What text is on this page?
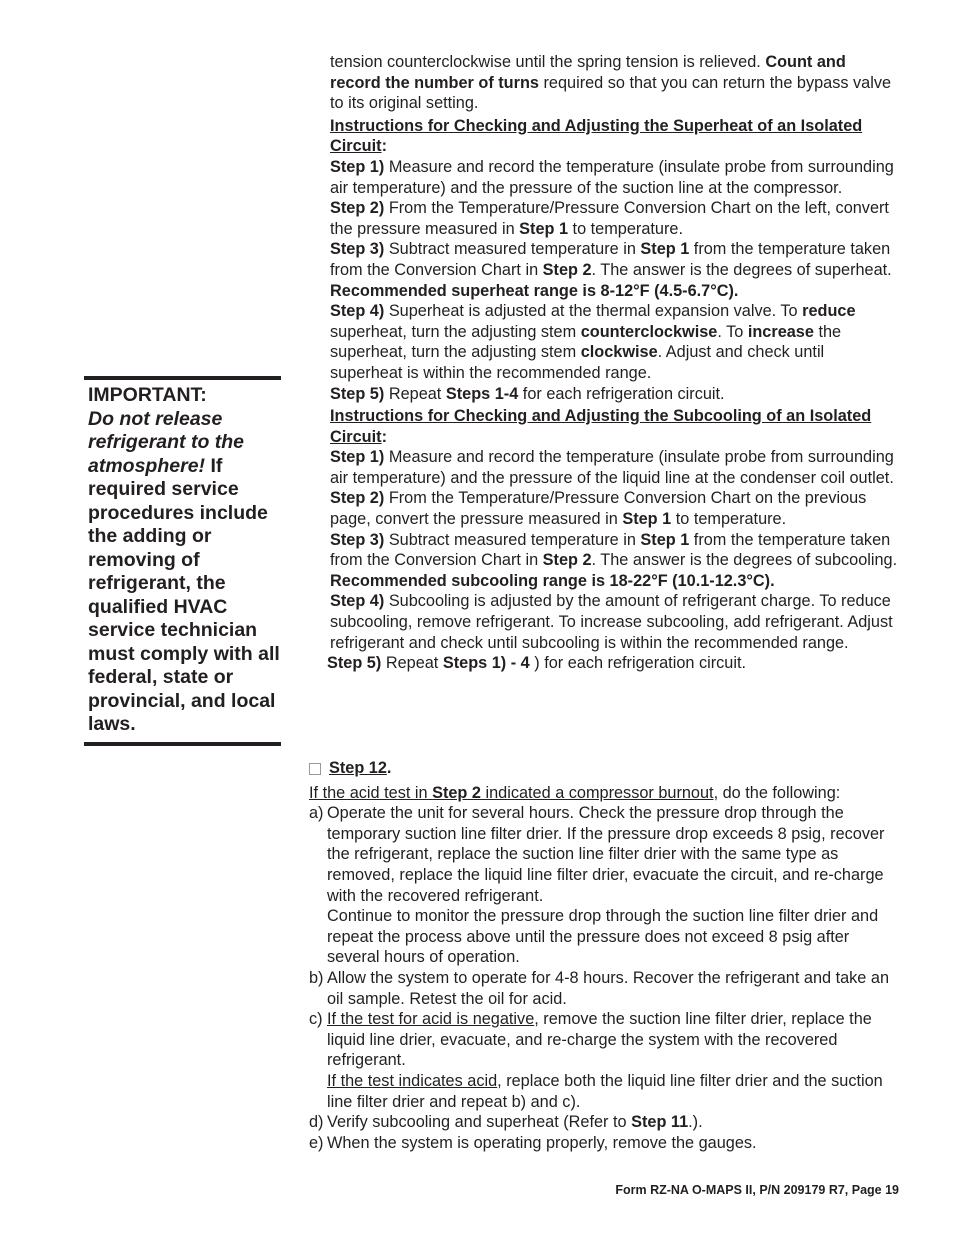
IMPORTANT:
Do not release refrigerant to the atmosphere! If required service procedures include the adding or removing of refrigerant, the qualified HVAC service technician must comply with all federal, state or provincial, and local laws.

tension counterclockwise until the spring tension is relieved. Count and record the number of turns required so that you can return the bypass valve to its original setting.

Instructions for Checking and Adjusting the Superheat of an Isolated Circuit:

Step 1) Measure and record the temperature (insulate probe from surrounding air temperature) and the pressure of the suction line at the compressor.

Step 2) From the Temperature/Pressure Conversion Chart on the left, convert the pressure measured in Step 1 to temperature.

Step 3) Subtract measured temperature in Step 1 from the temperature taken from the Conversion Chart in Step 2. The answer is the degrees of superheat. Recommended superheat range is 8-12°F (4.5-6.7°C).

Step 4) Superheat is adjusted at the thermal expansion valve. To reduce superheat, turn the adjusting stem counterclockwise. To increase the superheat, turn the adjusting stem clockwise. Adjust and check until superheat is within the recommended range.

Step 5) Repeat Steps 1-4 for each refrigeration circuit.

Instructions for Checking and Adjusting the Subcooling of an Isolated Circuit:

Step 1) Measure and record the temperature (insulate probe from surrounding air temperature) and the pressure of the liquid line at the condenser coil outlet.

Step 2) From the Temperature/Pressure Conversion Chart on the previous page, convert the pressure measured in Step 1 to temperature.

Step 3) Subtract measured temperature in Step 1 from the temperature taken from the Conversion Chart in Step 2. The answer is the degrees of subcooling. Recommended subcooling range is 18-22°F (10.1-12.3°C).

Step 4) Subcooling is adjusted by the amount of refrigerant charge. To reduce subcooling, remove refrigerant. To increase subcooling, add refrigerant. Adjust refrigerant and check until subcooling is within the recommended range.

Step 5) Repeat Steps 1) - 4 ) for each refrigeration circuit.

Step 12.

If the acid test in Step 2 indicated a compressor burnout, do the following:

a) Operate the unit for several hours. Check the pressure drop through the temporary suction line filter drier. If the pressure drop exceeds 8 psig, recover the refrigerant, replace the suction line filter drier with the same type as removed, replace the liquid line filter drier, evacuate the circuit, and re-charge with the recovered refrigerant.

Continue to monitor the pressure drop through the suction line filter drier and repeat the process above until the pressure does not exceed 8 psig after several hours of operation.

b) Allow the system to operate for 4-8 hours. Recover the refrigerant and take an oil sample. Retest the oil for acid.

c) If the test for acid is negative, remove the suction line filter drier, replace the liquid line drier, evacuate, and re-charge the system with the recovered refrigerant.

If the test indicates acid, replace both the liquid line filter drier and the suction line filter drier and repeat b) and c).

d) Verify subcooling and superheat (Refer to Step 11.).

e) When the system is operating properly, remove the gauges.

Form RZ-NA O-MAPS II, P/N 209179 R7, Page 19
